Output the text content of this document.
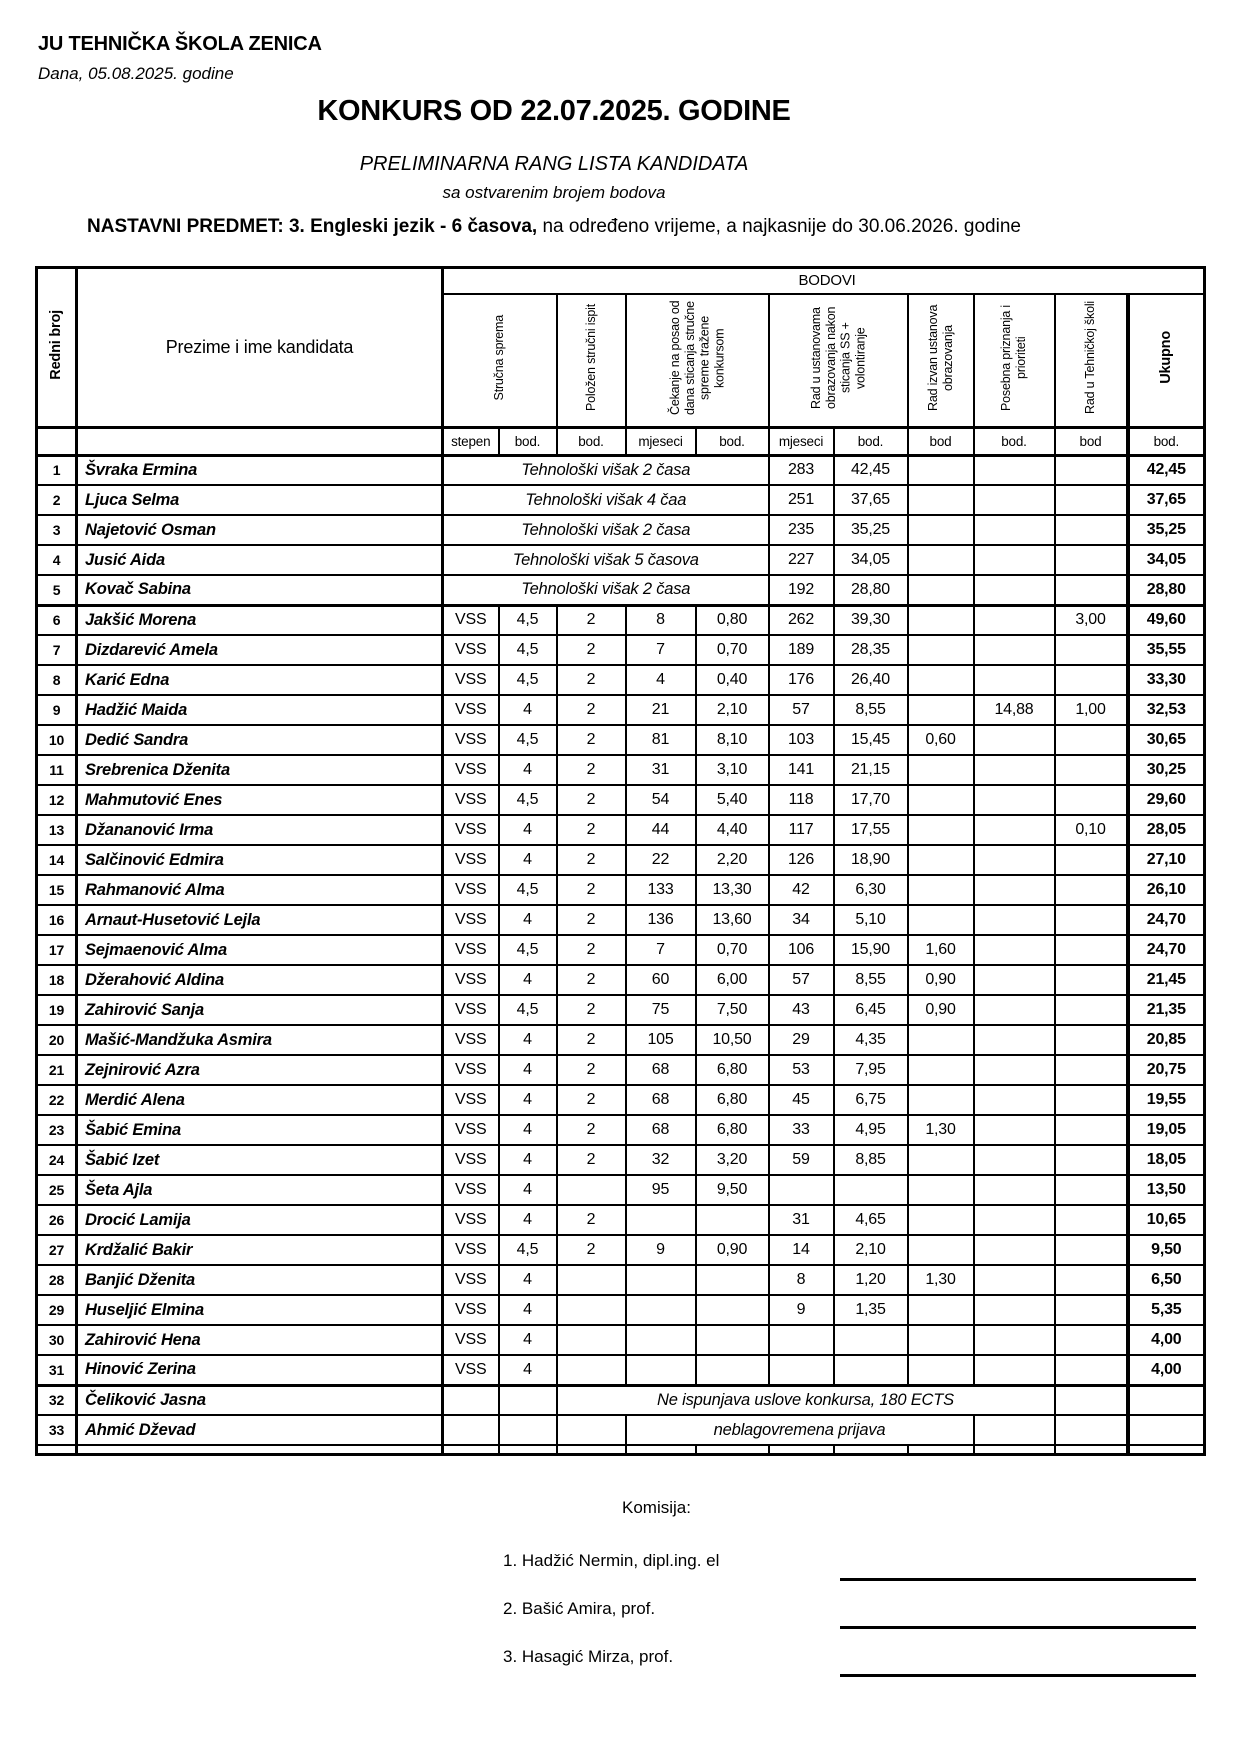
JU TEHNIČKA ŠKOLA ZENICA
Dana, 05.08.2025. godine
KONKURS OD 22.07.2025. GODINE
PRELIMINARNA RANG LISTA KANDIDATA
sa ostvarenim brojem bodova
NASTAVNI PREDMET: 3. Engleski jezik - 6 časova, na određeno vrijeme, a najkasnije do 30.06.2026. godine
Redni broj	Prezime i ime kandidata	BODOVI										
		Stručna sprema		Položen stručni ispit	Čekanje na posao od dana sticanja stručne spreme tražene konkursom		Rad u ustanovama obrazovanja nakon sticanja SS + volontiranje		Rad izvan ustanova obrazovanja	Posebna priznanja i prioriteti	Rad u Tehničkoj školi	Ukupno
		stepen	bod.	bod.	mjeseci	bod.	mjeseci	bod.	bod	bod.	bod	bod.
1	Švraka Ermina	Tehnološki višak 2 časa					283	42,45				42,45
2	Ljuca Selma	Tehnološki višak 4 čaa					251	37,65				37,65
3	Najetović Osman	Tehnološki višak 2 časa					235	35,25				35,25
4	Jusić Aida	Tehnološki višak 5 časova					227	34,05				34,05
5	Kovač Sabina	Tehnološki višak 2 časa					192	28,80				28,80
6	Jakšić Morena	VSS	4,5	2	8	0,80	262	39,30			3,00	49,60
7	Dizdarević Amela	VSS	4,5	2	7	0,70	189	28,35				35,55
8	Karić Edna	VSS	4,5	2	4	0,40	176	26,40				33,30
9	Hadžić Maida	VSS	4	2	21	2,10	57	8,55		14,88	1,00	32,53
10	Dedić Sandra	VSS	4,5	2	81	8,10	103	15,45	0,60			30,65
11	Srebrenica Dženita	VSS	4	2	31	3,10	141	21,15				30,25
12	Mahmutović Enes	VSS	4,5	2	54	5,40	118	17,70				29,60
13	Džananović Irma	VSS	4	2	44	4,40	117	17,55			0,10	28,05
14	Salčinović Edmira	VSS	4	2	22	2,20	126	18,90				27,10
15	Rahmanović Alma	VSS	4,5	2	133	13,30	42	6,30				26,10
16	Arnaut-Husetović Lejla	VSS	4	2	136	13,60	34	5,10				24,70
17	Sejmaenović Alma	VSS	4,5	2	7	0,70	106	15,90	1,60			24,70
18	Džerahović Aldina	VSS	4	2	60	6,00	57	8,55	0,90			21,45
19	Zahirović Sanja	VSS	4,5	2	75	7,50	43	6,45	0,90			21,35
20	Mašić-Mandžuka Asmira	VSS	4	2	105	10,50	29	4,35				20,85
21	Zejnirović Azra	VSS	4	2	68	6,80	53	7,95				20,75
22	Merdić Alena	VSS	4	2	68	6,80	45	6,75				19,55
23	Šabić Emina	VSS	4	2	68	6,80	33	4,95	1,30			19,05
24	Šabić Izet	VSS	4	2	32	3,20	59	8,85				18,05
25	Šeta Ajla	VSS	4		95	9,50						13,50
26	Drocić Lamija	VSS	4	2			31	4,65				10,65
27	Krdžalić Bakir	VSS	4,5	2	9	0,90	14	2,10				9,50
28	Banjić Dženita	VSS	4				8	1,20	1,30			6,50
29	Huseljić Elmina	VSS	4				9	1,35				5,35
30	Zahirović Hena	VSS	4									4,00
31	Hinović Zerina	VSS	4									4,00
32	Čeliković Jasna			Ne ispunjava uslove konkursa, 180 ECTS								
33	Ahmić Dževad				neblagovremena prijava							

Komisija:
1. Hadžić Nermin, dipl.ing. el
2. Bašić Amira, prof.
3. Hasagić Mirza, prof.
